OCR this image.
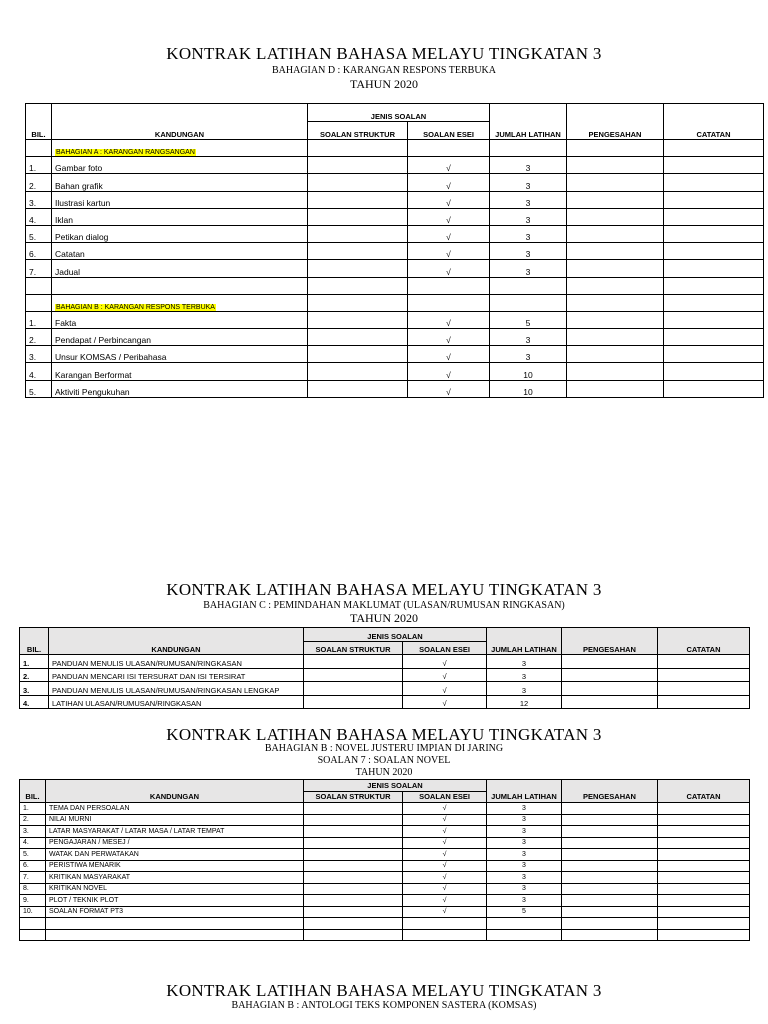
KONTRAK LATIHAN BAHASA MELAYU TINGKATAN 3
BAHAGIAN D : KARANGAN RESPONS TERBUKA
TAHUN 2020
BIL.	KANDUNGAN	JENIS SOALAN		JUMLAH LATIHAN	PENGESAHAN	CATATAN
		SOALAN STRUKTUR	SOALAN ESEI			
	BAHAGIAN A : KARANGAN RANGSANGAN					
1.	Gambar foto		√	3		
2.	Bahan grafik		√	3		
3.	Ilustrasi kartun		√	3		
4.	Iklan		√	3		
5.	Petikan dialog		√	3		
6.	Catatan		√	3		
7.	Jadual		√	3		

	BAHAGIAN B : KARANGAN RESPONS TERBUKA					
1.	Fakta		√	5		
2.	Pendapat / Perbincangan		√	3		
3.	Unsur KOMSAS / Peribahasa		√	3		
4.	Karangan Berformat		√	10		
5.	Aktiviti Pengukuhan		√	10		
KONTRAK LATIHAN BAHASA MELAYU TINGKATAN 3
BAHAGIAN C : PEMINDAHAN MAKLUMAT (ULASAN/RUMUSAN RINGKASAN)
TAHUN 2020
BIL.	KANDUNGAN	JENIS SOALAN		JUMLAH LATIHAN	PENGESAHAN	CATATAN
		SOALAN STRUKTUR	SOALAN ESEI			
1.	PANDUAN MENULIS ULASAN/RUMUSAN/RINGKASAN		√	3		
2.	PANDUAN MENCARI ISI TERSURAT DAN ISI TERSIRAT		√	3		
3.	PANDUAN MENULIS ULASAN/RUMUSAN/RINGKASAN LENGKAP		√	3		
4.	LATIHAN ULASAN/RUMUSAN/RINGKASAN		√	12		
KONTRAK LATIHAN BAHASA MELAYU TINGKATAN 3
BAHAGIAN B : NOVEL JUSTERU IMPIAN DI JARING
SOALAN 7 : SOALAN NOVEL
TAHUN 2020
BIL.	KANDUNGAN	JENIS SOALAN		JUMLAH LATIHAN	PENGESAHAN	CATATAN
		SOALAN STRUKTUR	SOALAN ESEI			
1.	TEMA DAN PERSOALAN		√	3		
2.	NILAI MURNI		√	3		
3.	LATAR MASYARAKAT / LATAR MASA / LATAR TEMPAT		√	3		
4.	PENGAJARAN / MESEJ /		√	3		
5.	WATAK DAN PERWATAKAN		√	3		
6.	PERISTIWA MENARIK		√	3		
7.	KRITIKAN MASYARAKAT		√	3		
8.	KRITIKAN NOVEL		√	3		
9.	PLOT / TEKNIK PLOT		√	3		
10.	SOALAN FORMAT PT3		√	5		

KONTRAK LATIHAN BAHASA MELAYU TINGKATAN 3
BAHAGIAN B : ANTOLOGI TEKS KOMPONEN SASTERA (KOMSAS)
